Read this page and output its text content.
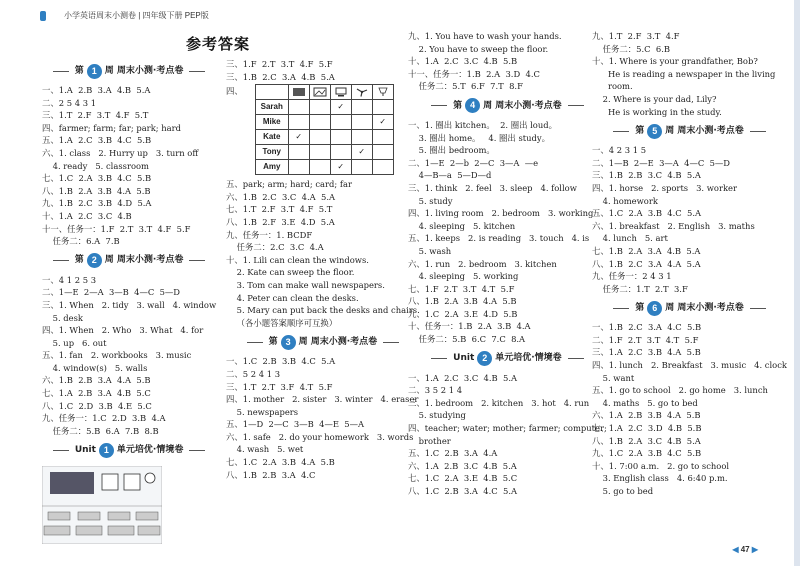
小学英语周末小测卷 | 四年级下册 PEP版
参考答案
第 1 周 周末小测·考点卷
一、1.A  2.B  3.A  4.B  5.A
二、2 5 4 3 1
三、1.T  2.F  3.T  4.F  5.T
四、farmer; farm; far; park; hard
五、1.A  2.C  3.B  4.C  5.B
六、1. class   2. Hurry up   3. turn off
4. ready   5. classroom
七、1.C  2.A  3.B  4.C  5.B
八、1.B  2.A  3.B  4.A  5.B
九、1.B  2.C  3.B  4.D  5.A
十、1.A  2.C  3.C  4.B
十一、任务一：1.F  2.T  3.T  4.F  5.F
任务二：6.A  7.B
第 2 周 周末小测·考点卷
一、4 1 2 5 3
二、1—E  2—A  3—B  4—C  5—D
三、1. When   2. tidy   3. wall   4. window
5. desk
四、1. When   2. Who   3. What   4. for
5. up   6. out
五、1. fan   2. workbooks   3. music
4. window(s)   5. walls
六、1.B  2.B  3.A  4.A  5.B
七、1.A  2.B  3.A  4.B  5.C
八、1.C  2.D  3.B  4.E  5.C
九、任务一：1.C  2.D  3.B  4.A
任务二：5.B  6.A  7.B  8.B
Unit 1 单元培优·情境卷
三、1.F  2.T  3.T  4.F  5.F
三、1.B  2.C  3.A  4.B  5.A
四、

Sarah			✓		
Mike					✓
Kate	✓				
Tony				✓	
Amy			✓		
五、park; arm; hard; card; far
六、1.B  2.C  3.C  4.A  5.A
七、1.T  2.F  3.T  4.F  5.T
八、1.B  2.F  3.E  4.D  5.A
九、任务一：1. BCDF
任务二：2.C  3.C  4.A
十、1. Lili can clean the windows.
2. Kate can sweep the floor.
3. Tom can make wall newspapers.
4. Peter can clean the desks.
5. Mary can put back the desks and chairs.
（各小题答案顺序可互换）
第 3 周 周末小测·考点卷
一、1.C  2.B  3.B  4.C  5.A
二、5 2 4 1 3
三、1.T  2.T  3.F  4.T  5.F
四、1. mother   2. sister   3. winter   4. eraser
5. newspapers
五、1—D  2—C  3—B  4—E  5—A
六、1. safe   2. do your homework   3. words
4. wash   5. wet
七、1.C  2.A  3.B  4.A  5.B
八、1.B  2.B  3.A  4.C
九、1. You have to wash your hands.
2. You have to sweep the floor.
十、1.A  2.C  3.C  4.B  5.B
十一、任务一：1.B  2.A  3.D  4.C
任务二：5.T  6.F  7.T  8.F
第 4 周 周末小测·考点卷
一、1. 圈出 kitchen。  2. 圈出 loud。
3. 圈出 home。   4. 圈出 study。
5. 圈出 bedroom。
二、1—E  2—b  2—C  3—A  —e
4—B—a  5—D—d
三、1. think   2. feel   3. sleep   4. follow
5. study
四、1. living room   2. bedroom   3. working
4. sleeping   5. kitchen
五、1. keeps   2. is reading   3. touch   4. is
5. wash
六、1. run   2. bedroom   3. kitchen
4. sleeping   5. working
七、1.F  2.T  3.T  4.T  5.F
八、1.B  2.A  3.B  4.A  5.B
九、1.C  2.A  3.E  4.D  5.B
十、任务一：1.B  2.A  3.B  4.A
任务二：5.B  6.C  7.C  8.A
Unit 2 单元培优·情境卷
一、1.A  2.C  3.C  4.B  5.A
二、3 5 2 1 4
三、1. bedroom   2. kitchen   3. hot   4. run
5. studying
四、teacher; water; mother; farmer; computer;
brother
五、1.C  2.B  3.A  4.A
六、1.A  2.B  3.C  4.B  5.A
七、1.C  2.A  3.E  4.B  5.C
八、1.C  2.B  3.A  4.C  5.A
九、1.T  2.F  3.T  4.F
任务二：5.C  6.B
十、1. Where is your grandfather, Bob?
He is reading a newspaper in the living
room.
2. Where is your dad, Lily?
He is working in the study.
第 5 周 周末小测·考点卷
一、4 2 3 1 5
二、1—B  2—E  3—A  4—C  5—D
三、1.B  2.B  3.C  4.B  5.A
四、1. horse   2. sports   3. worker
4. homework
五、1.C  2.A  3.B  4.C  5.A
六、1. breakfast   2. English   3. maths
4. lunch   5. art
七、1.B  2.A  3.A  4.B  5.A
八、1.B  2.C  3.A  4.A  5.A
九、任务一：2 4 3 1
任务二：1.T  2.T  3.F
第 6 周 周末小测·考点卷
一、1.B  2.C  3.A  4.C  5.B
二、1.F  2.T  3.T  4.T  5.F
三、1.A  2.C  3.B  4.A  5.B
四、1. lunch   2. Breakfast   3. music   4. clock
5. want
五、1. go to school   2. go home   3. lunch
4. maths   5. go to bed
六、1.A  2.B  3.B  4.A  5.B
七、1.A  2.C  3.D  4.B  5.B
八、1.B  2.A  3.C  4.B  5.A
九、1.C  2.A  3.B  4.C  5.B
十、1. 7:00 a.m.   2. go to school
3. English class   4. 6:40 p.m.
5. go to bed
◀ 47 ▶
